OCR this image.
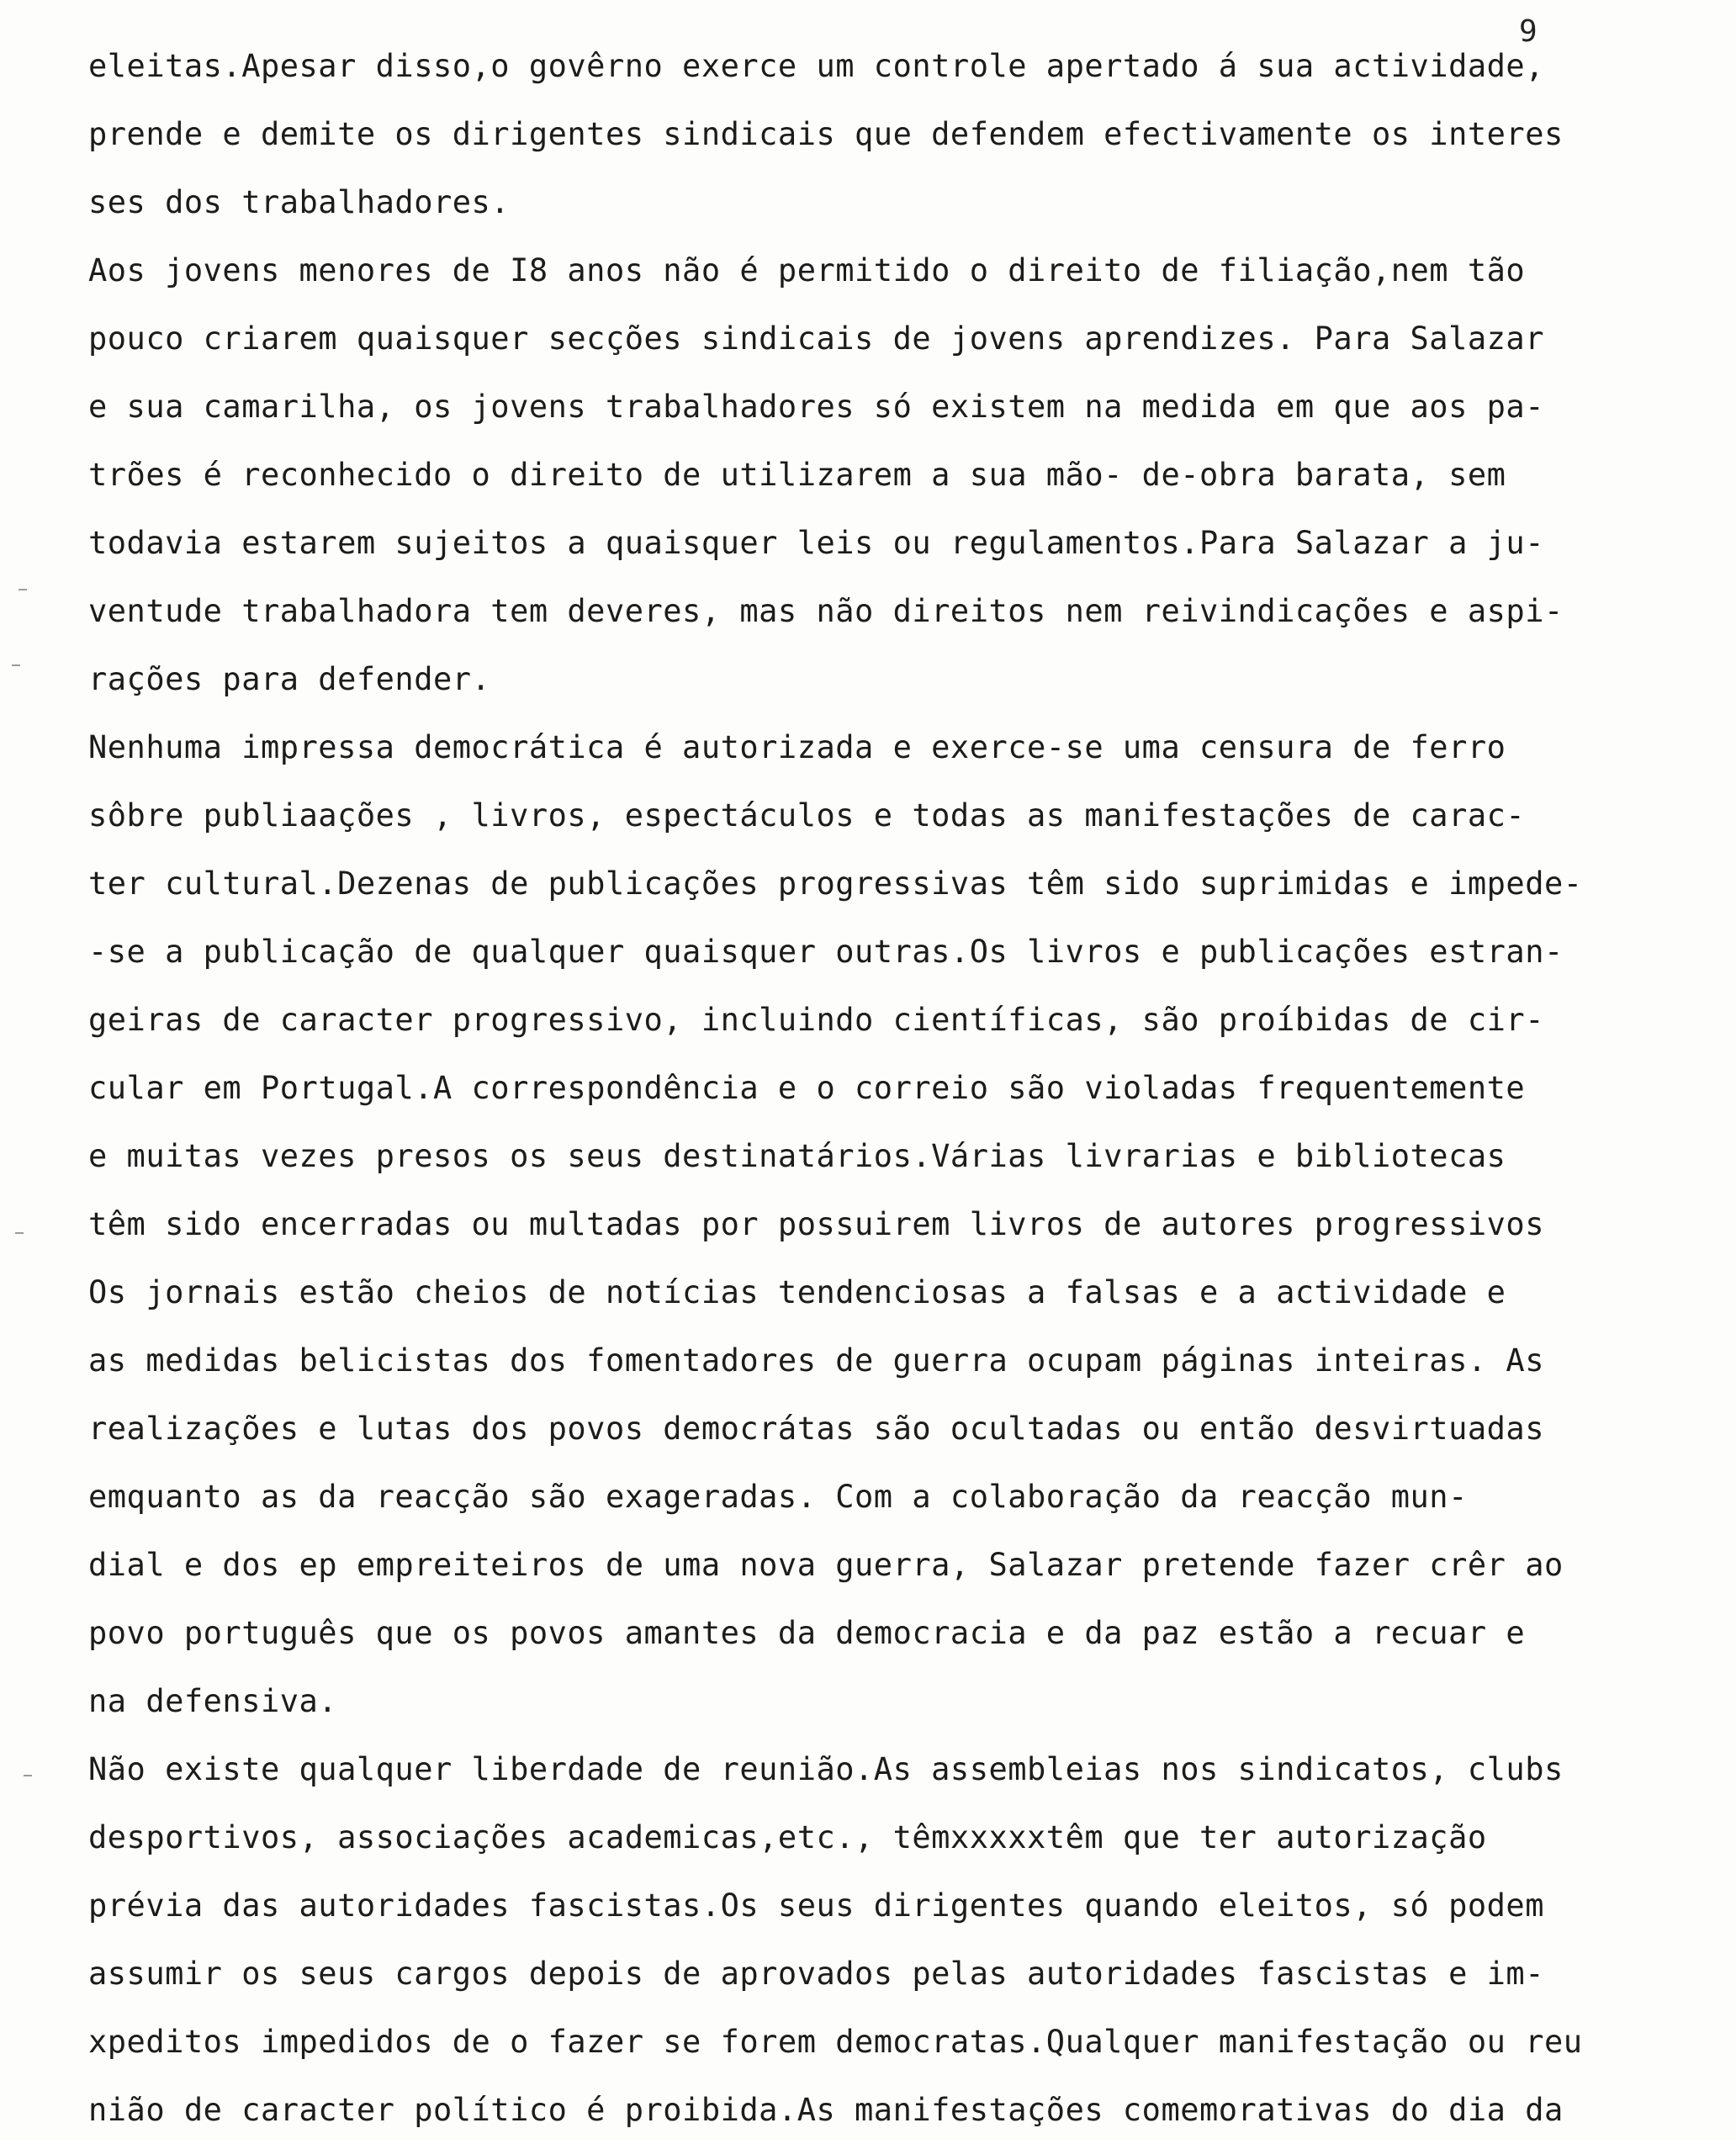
9
eleitas.Apesar disso,o govêrno exerce um controle apertado á sua actividade,
prende e demite os dirigentes sindicais que defendem efectivamente os interes
ses dos trabalhadores.
Aos jovens menores de I8 anos não é permitido o direito de filiação,nem tão
pouco criarem quaisquer secções sindicais de jovens aprendizes. Para Salazar
e sua camarilha, os jovens trabalhadores só existem na medida em que aos pa-
trões é reconhecido o direito de utilizarem a sua mão- de-obra barata, sem
todavia estarem sujeitos a quaisquer leis ou regulamentos.Para Salazar a ju-
ventude trabalhadora tem deveres, mas não direitos nem reivindicações e aspi-
rações para defender.
Nenhuma impressa democrática é autorizada e exerce-se uma censura de ferro
sôbre publiaações , livros, espectáculos e todas as manifestações de carac-
ter cultural.Dezenas de publicações progressivas têm sido suprimidas e impede-
-se a publicação de qualquer quaisquer outras.Os livros e publicações estran-
geiras de caracter progressivo, incluindo científicas, são proíbidas de cir-
cular em Portugal.A correspondência e o correio são violadas frequentemente
e muitas vezes presos os seus destinatários.Várias livrarias e bibliotecas
têm sido encerradas ou multadas por possuirem livros de autores progressivos
Os jornais estão cheios de notícias tendenciosas a falsas e a actividade e
as medidas belicistas dos fomentadores de guerra ocupam páginas inteiras. As
realizações e lutas dos povos democrátas são ocultadas ou então desvirtuadas
emquanto as da reacção são exageradas. Com a colaboração da reacção mun-
dial e dos ep empreiteiros de uma nova guerra, Salazar pretende fazer crêr ao
povo português que os povos amantes da democracia e da paz estão a recuar e
na defensiva.
Não existe qualquer liberdade de reunião.As assembleias nos sindicatos, clubs
desportivos, associações academicas,etc., têmxxxxxtêm que ter autorização
prévia das autoridades fascistas.Os seus dirigentes quando eleitos, só podem
assumir os seus cargos depois de aprovados pelas autoridades fascistas e im-
xpeditos impedidos de o fazer se forem democratas.Qualquer manifestação ou reu
nião de caracter político é proibida.As manifestações comemorativas do dia da
